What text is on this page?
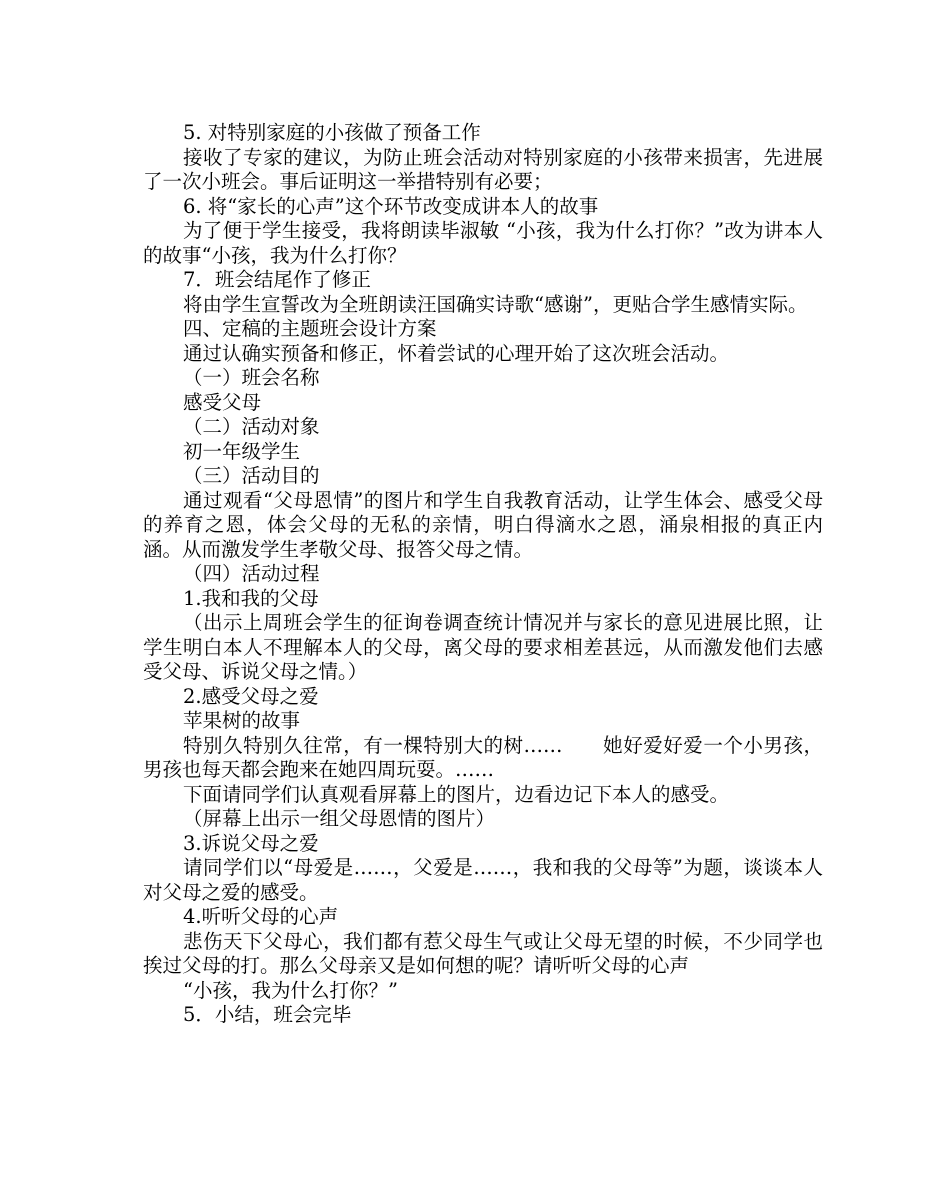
5. 对特别家庭的小孩做了预备工作

接收了专家的建议，为防止班会活动对特别家庭的小孩带来损害，先进展了一次小班会。事后证明这一举措特别有必要；

6. 将“家长的心声”这个环节改变成讲本人的故事

为了便于学生接受，我将朗读毕淑敏 “小孩，我为什么打你？”改为讲本人的故事“小孩，我为什么打你？

7．班会结尾作了修正

将由学生宣誓改为全班朗读汪国确实诗歌“感谢”，更贴合学生感情实际。

四、定稿的主题班会设计方案

通过认确实预备和修正，怀着尝试的心理开始了这次班会活动。

（一）班会名称

感受父母

（二）活动对象

初一年级学生

（三）活动目的

通过观看“父母恩情”的图片和学生自我教育活动，让学生体会、感受父母的养育之恩，体会父母的无私的亲情，明白得滴水之恩，涌泉相报的真正内涵。从而激发学生孝敬父母、报答父母之情。

（四）活动过程

1.我和我的父母

（出示上周班会学生的征询卷调查统计情况并与家长的意见进展比照，让学生明白本人不理解本人的父母，离父母的要求相差甚远，从而激发他们去感受父母、诉说父母之情。）

2.感受父母之爱

苹果树的故事

特别久特别久往常，有一棵特别大的树……　　她好爱好爱一个小男孩，男孩也每天都会跑来在她四周玩耍。……

下面请同学们认真观看屏幕上的图片，边看边记下本人的感受。

（屏幕上出示一组父母恩情的图片）

3.诉说父母之爱

请同学们以“母爱是……，父爱是……，我和我的父母等”为题，谈谈本人对父母之爱的感受。

4.听听父母的心声

悲伤天下父母心，我们都有惹父母生气或让父母无望的时候，不少同学也挨过父母的打。那么父母亲又是如何想的呢？请听听父母的心声

“小孩，我为什么打你？”

5．小结，班会完毕
